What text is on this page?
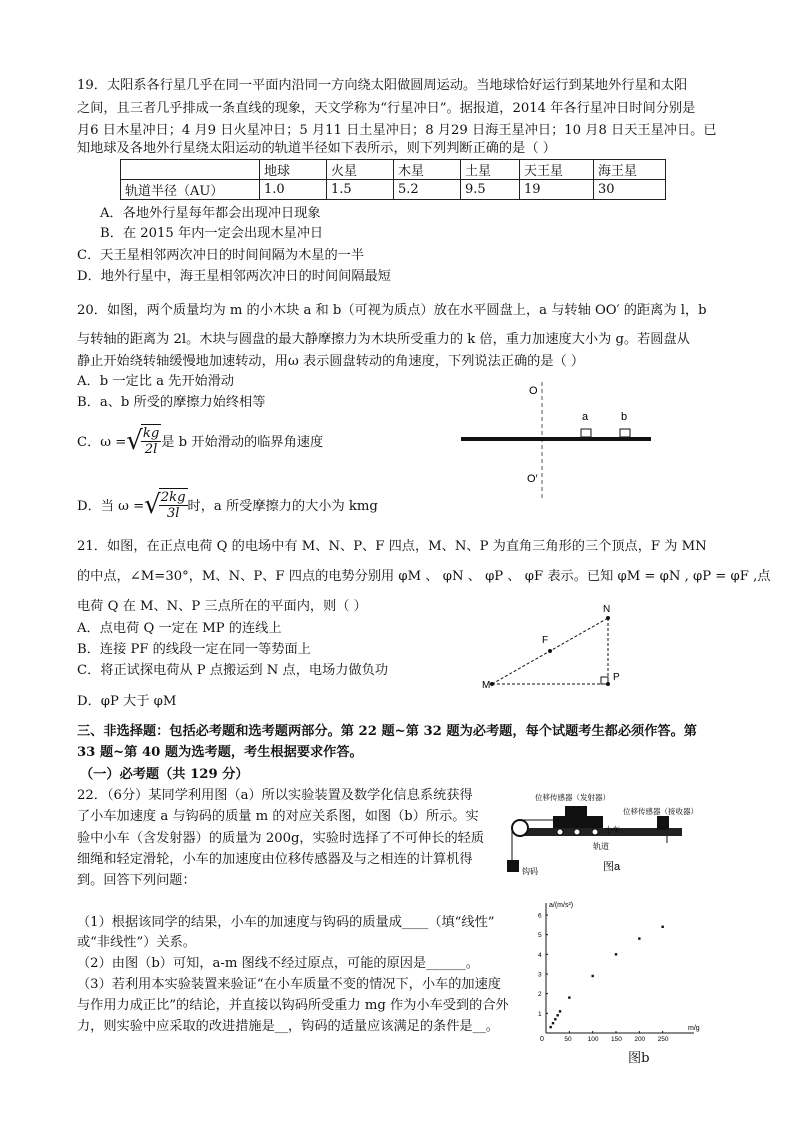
19．太阳系各行星几乎在同一平面内沿同一方向绕太阳做圆周运动。当地球恰好运行到某地外行星和太阳
之间，且三者几乎排成一条直线的现象，天文学称为“行星冲日”。据报道，2014 年各行星冲日时间分别是
月6 日木星冲日；4 月9 日火星冲日；5 月11 日土星冲日；8 月29 日海王星冲日；10 月8 日天王星冲日。已
知地球及各地外行星绕太阳运动的轨道半径如下表所示，则下列判断正确的是（ ）
	地球	火星	木星	土星	天王星	海王星
轨道半径（AU）	1.0	1.5	5.2	9.5	19	30
A．各地外行星每年都会出现冲日现象
B．在 2015 年内一定会出现木星冲日
C．天王星相邻两次冲日的时间间隔为木星的一半
D．地外行星中，海王星相邻两次冲日的时间间隔最短
20．如图，两个质量均为 m 的小木块 a 和 b（可视为质点）放在水平圆盘上，a 与转轴 OO′ 的距离为 l，b
与转轴的距离为 2l。木块与圆盘的最大静摩擦力为木块所受重力的 k 倍，重力加速度大小为 g。若圆盘从
静止开始绕转轴缓慢地加速转动，用ω 表示圆盘转动的角速度，下列说法正确的是（ ）
A．b 一定比 a 先开始滑动
B．a、b 所受的摩擦力始终相等
C．ω = √
$\frac{kg}{2l}$ 是 b 开始滑动的临界角速度
D．当 ω = √
$\frac{2kg}{3l}$ 时，a 所受摩擦力的大小为 kmg
O
O′
a	b
21．如图，在正点电荷 Q 的电场中有 M、N、P、F 四点，M、N、P 为直角三角形的三个顶点，F 为 MN
的中点，∠M=30°，M、N、P、F 四点的电势分别用 φM 、 φN 、 φP 、 φF 表示。已知 φM = φN , φP = φF ,点
电荷 Q 在 M、N、P 三点所在的平面内，则（ ）
A．点电荷 Q 一定在 MP 的连线上
B．连接 PF 的线段一定在同一等势面上
C．将正试探电荷从 P 点搬运到 N 点，电场力做负功
D．φP 大于 φM
M
N
F
P
三、非选择题：包括必考题和选考题两部分。第 22 题~第 32 题为必考题，每个试题考生都必须作答。第
33 题~第 40 题为选考题，考生根据要求作答。
（一）必考题（共 129 分）
22．（6分）某同学利用图（a）所以实验装置及数学化信息系统获得
了小车加速度 a 与钩码的质量 m 的对应关系图，如图（b）所示。实
验中小车（含发射器）的质量为 200g，实验时选择了不可伸长的轻质
细绳和轻定滑轮，小车的加速度由位移传感器及与之相连的计算机得
到。回答下列问题：
（1）根据该同学的结果，小车的加速度与钩码的质量成____（填“线性”
或“非线性”）关系。
（2）由图（b）可知，a-m 图线不经过原点，可能的原因是______。
（3）若利用本实验装置来验证“在小车质量不变的情况下，小车的加速度
与作用力成正比”的结论，并直接以钩码所受重力 mg 作为小车受到的合外
力，则实验中应采取的改进措施是__，钩码的适量应该满足的条件是__。
位移传感器（发射器）
位移传感器（接收器）
小车
轨道
钩码	图a
a/(m/s²)
m/g
0	50 100 150 200 250
1
2
3
4
5
6
图b
